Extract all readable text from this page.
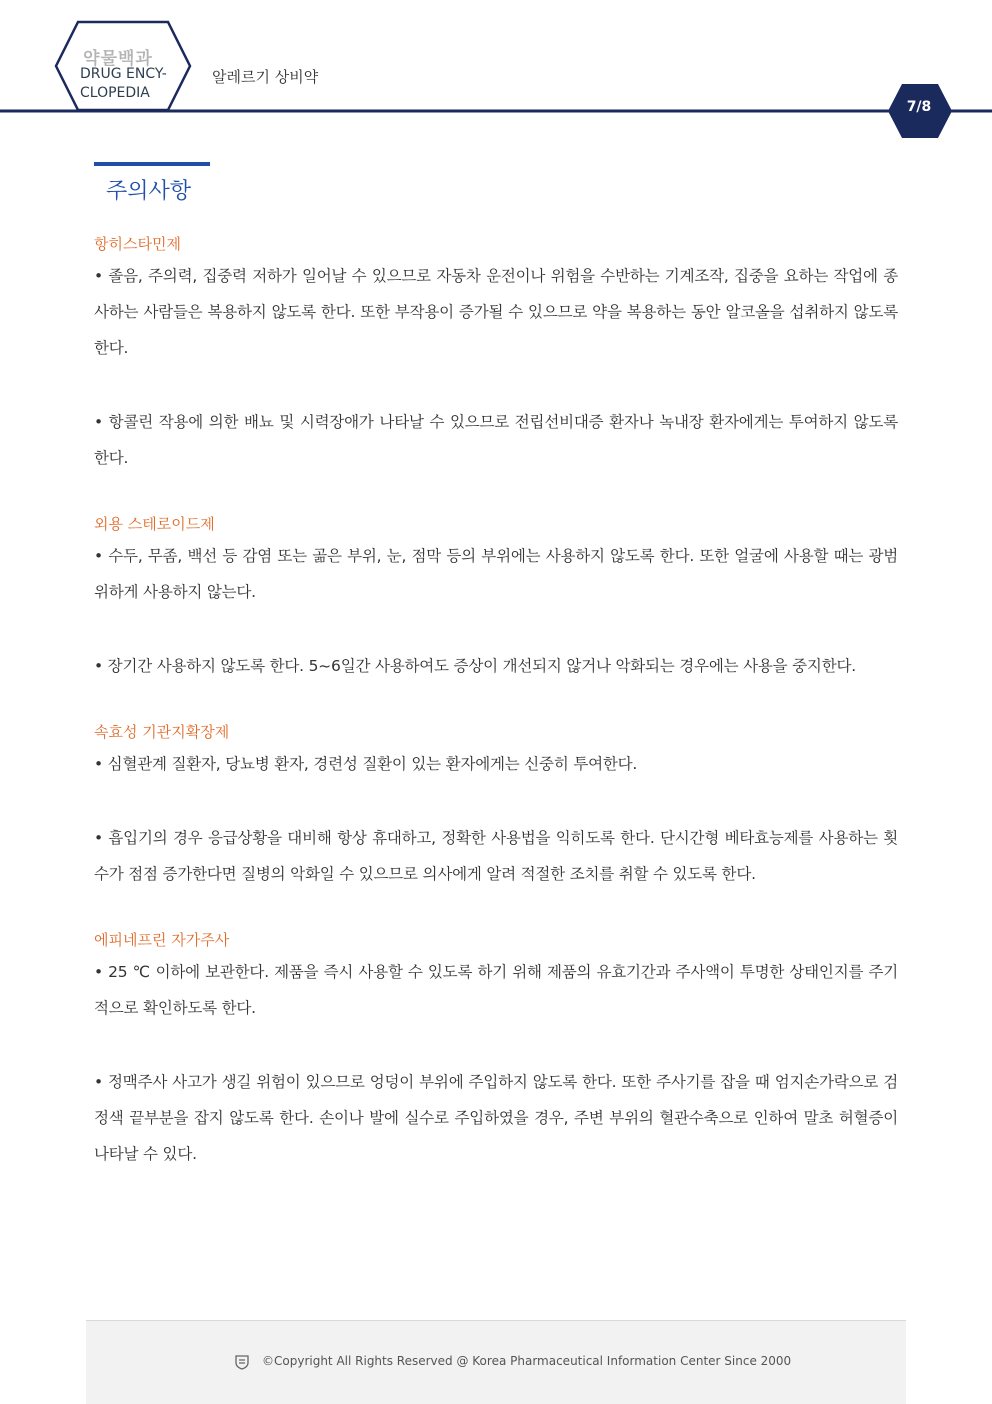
약물백과
DRUG ENCY-
CLOPEDIA
알레르기 상비약
7/8
주의사항

항히스타민제

• 졸음, 주의력, 집중력 저하가 일어날 수 있으므로 자동차 운전이나 위험을 수반하는 기계조작, 집중을 요하는 작업에 종사하는 사람들은 복용하지 않도록 한다. 또한 부작용이 증가될 수 있으므로 약을 복용하는 동안 알코올을 섭취하지 않도록 한다.

• 항콜린 작용에 의한 배뇨 및 시력장애가 나타날 수 있으므로 전립선비대증 환자나 녹내장 환자에게는 투여하지 않도록 한다.

외용 스테로이드제

• 수두, 무좀, 백선 등 감염 또는 곪은 부위, 눈, 점막 등의 부위에는 사용하지 않도록 한다. 또한 얼굴에 사용할 때는 광범위하게 사용하지 않는다.

• 장기간 사용하지 않도록 한다. 5~6일간 사용하여도 증상이 개선되지 않거나 악화되는 경우에는 사용을 중지한다.

속효성 기관지확장제

• 심혈관계 질환자, 당뇨병 환자, 경련성 질환이 있는 환자에게는 신중히 투여한다.

• 흡입기의 경우 응급상황을 대비해 항상 휴대하고, 정확한 사용법을 익히도록 한다. 단시간형 베타효능제를 사용하는 횟수가 점점 증가한다면 질병의 악화일 수 있으므로 의사에게 알려 적절한 조치를 취할 수 있도록 한다.

에피네프린 자가주사

• 25 ℃ 이하에 보관한다. 제품을 즉시 사용할 수 있도록 하기 위해 제품의 유효기간과 주사액이 투명한 상태인지를 주기적으로 확인하도록 한다.

• 정맥주사 사고가 생길 위험이 있으므로 엉덩이 부위에 주입하지 않도록 한다. 또한 주사기를 잡을 때 엄지손가락으로 검정색 끝부분을 잡지 않도록 한다. 손이나 발에 실수로 주입하였을 경우, 주변 부위의 혈관수축으로 인하여 말초 허혈증이 나타날 수 있다.

©Copyright All Rights Reserved @ Korea Pharmaceutical Information Center Since 2000
